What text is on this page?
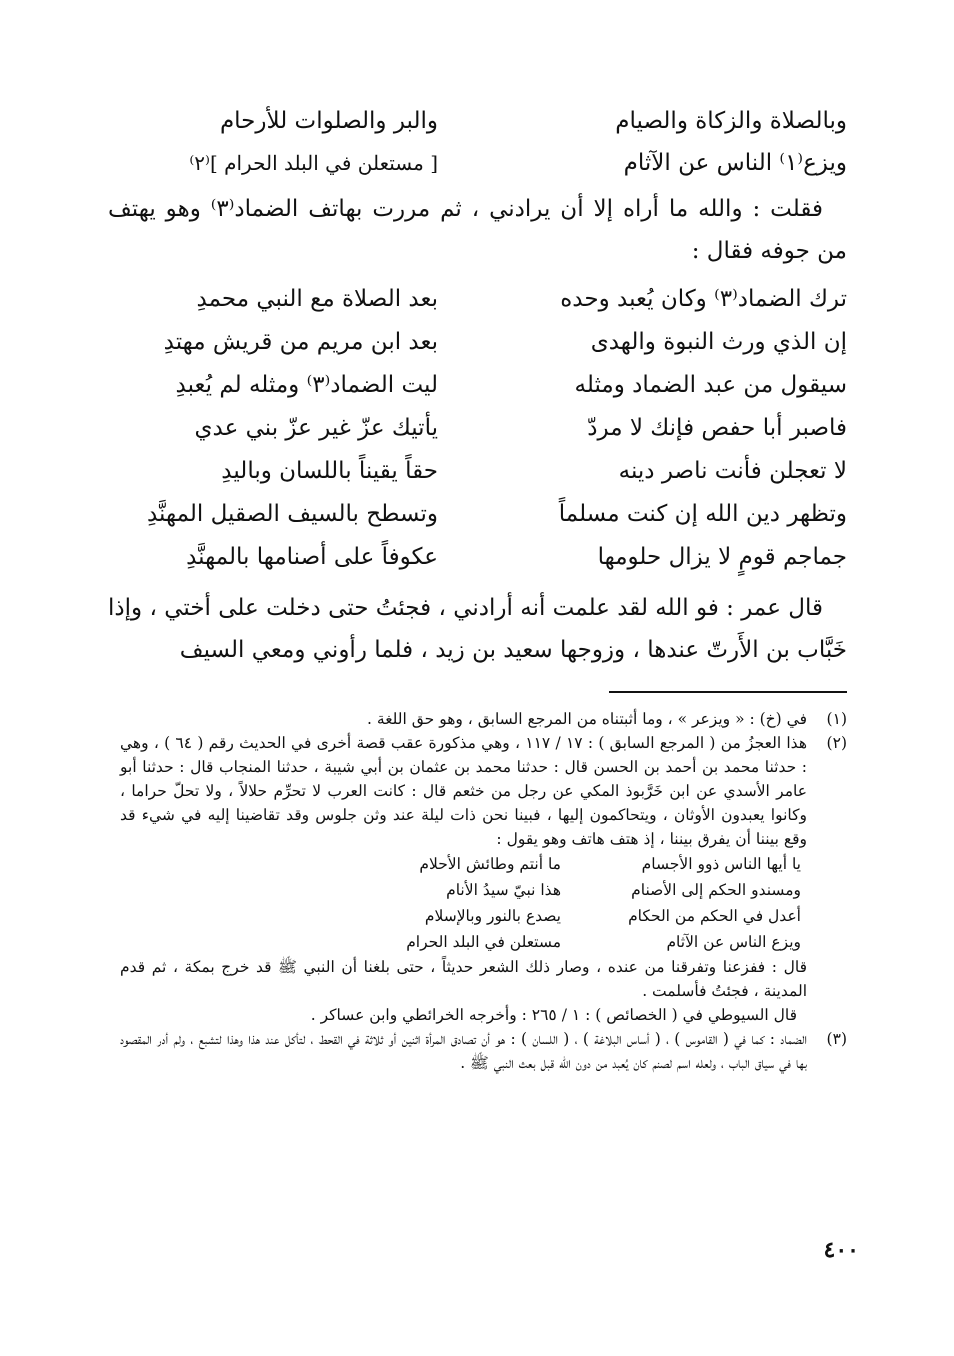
وبالصلاة والزكاة والصيام
والبر والصلوات للأرحام
ويزع⁽١⁾ الناس عن الآثام
[ مستعلن في البلد الحرام ]⁽٢⁾
فقلت : والله ما أراه إلا أن يرادني ، ثم مررت بهاتف الضماد⁽٣⁾ وهو يهتف من جوفه فقال :
ترك الضماد⁽٣⁾ وكان يُعبد وحده
بعد الصلاة مع النبي محمدِ
إن الذي ورث النبوة والهدى
بعد ابن مريم من قريش مهتدِ
سيقول من عبد الضماد ومثله
ليت الضماد⁽٣⁾ ومثله لم يُعبدِ
فاصبر أبا حفص فإنك لا مردّ
يأتيك عزّ غير عزّ بني عدي
لا تعجلن فأنت ناصر دينه
حقاً يقيناً باللسان وباليدِ
وتظهر دين الله إن كنت مسلماً
وتسطح بالسيف الصقيل المهنَّدِ
جماجم قومٍ لا يزال حلومها
عكوفاً على أصنامها بالمهنَّدِ
قال عمر : فو الله لقد علمت أنه أرادني ، فجئتُ حتى دخلت على أختي ، وإذا خَبَّاب بن الأَرتّ عندها ، وزوجها سعيد بن زيد ، فلما رأوني ومعي السيف
(١)

في (خ) : « ويزعر » ، وما أثبتناه من المرجع السابق ، وهو حق اللغة .

(٢)

هذا العجزُ من ( المرجع السابق ) : ١٧ / ١١٧ ، وهي مذكورة عقب قصة أخرى في الحديث رقم ( ٦٤ ) ، وهي : حدثنا محمد بن أحمد بن الحسن قال : حدثنا محمد بن عثمان بن أبي شيبة ، حدثنا المنجاب قال : حدثنا أبو عامر الأسدي عن ابن خَرَّبوذ المكي عن رجل من خثعم قال : كانت العرب لا تحرِّم حلالاً ، ولا تحلّ حراما ، وكانوا يعبدون الأوثان ، ويتحاكمون إليها ، فبينا نحن ذات ليلة عند وثن جلوس وقد تقاضينا إليه في شيء قد وقع بيننا أن يفرق بيننا ، إذ هتف هاتف وهو يقول :

يا أيها الناس ذوو الأجسام
ما أنتم وطائش الأحلام
ومسندو الحكم إلى الأصنام
هذا نبيّ سيدُ الأنام
أعدل في الحكم من الحكام
يصدع بالنور وبالإسلام
ويزع الناس عن الآثام
مستعلن في البلد الحرام

قال : ففزعنا وتفرقنا من عنده ، وصار ذلك الشعر حديثاً ، حتى بلغنا أن النبي ﷺ قد خرج بمكة ، ثم قدم المدينة ، فجئتُ فأسلمت .

قال السيوطي في ( الخصائص ) : ١ / ٢٦٥ : وأخرجه الخرائطي وابن عساكر .

(٣)

الضماد : كما في ( القاموس ) ، ( أساس البلاغة ) ، ( اللسان ) : هو أن تصادق المرأة اثنين أو ثلاثة في القحط ، لتأكل عند هذا وهذا لتشبع ، ولم أدر المقصود بها في سياق الباب ، ولعله اسم لصنم كان يُعبد من دون الله قبل بعث النبي ﷺ .

٤٠٠
